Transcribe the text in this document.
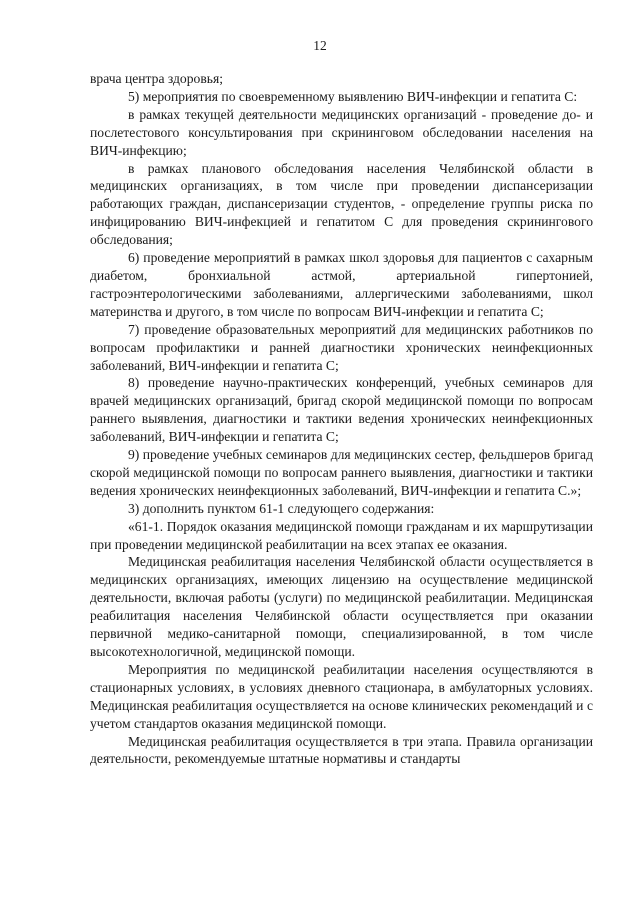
12

врача центра здоровья;

5) мероприятия по своевременному выявлению ВИЧ-инфекции и гепатита С:

в рамках текущей деятельности медицинских организаций - проведение до- и послетестового консультирования при скрининговом обследовании населения на ВИЧ-инфекцию;

в рамках планового обследования населения Челябинской области в медицинских организациях, в том числе при проведении диспансеризации работающих граждан, диспансеризации студентов, - определение группы риска по инфицированию ВИЧ-инфекцией и гепатитом С для проведения скринингового обследования;

6) проведение мероприятий в рамках школ здоровья для пациентов с сахарным диабетом, бронхиальной астмой, артериальной гипертонией, гастроэнтерологическими заболеваниями, аллергическими заболеваниями, школ материнства и другого, в том числе по вопросам ВИЧ-инфекции и гепатита С;

7) проведение образовательных мероприятий для медицинских работников по вопросам профилактики и ранней диагностики хронических неинфекционных заболеваний, ВИЧ-инфекции и гепатита С;

8) проведение научно-практических конференций, учебных семинаров для врачей медицинских организаций, бригад скорой медицинской помощи по вопросам раннего выявления, диагностики и тактики ведения хронических неинфекционных заболеваний, ВИЧ-инфекции и гепатита С;

9) проведение учебных семинаров для медицинских сестер, фельдшеров бригад скорой медицинской помощи по вопросам раннего выявления, диагностики и тактики ведения хронических неинфекционных заболеваний, ВИЧ-инфекции и гепатита С.»;

3) дополнить пунктом 61-1 следующего содержания:

«61-1. Порядок оказания медицинской помощи гражданам и их маршрутизации при проведении медицинской реабилитации на всех этапах ее оказания.

Медицинская реабилитация населения Челябинской области осуществляется в медицинских организациях, имеющих лицензию на осуществление медицинской деятельности, включая работы (услуги) по медицинской реабилитации. Медицинская реабилитация населения Челябинской области осуществляется при оказании первичной медико-санитарной помощи, специализированной, в том числе высокотехнологичной, медицинской помощи.

Мероприятия по медицинской реабилитации населения осуществляются в стационарных условиях, в условиях дневного стационара, в амбулаторных условиях. Медицинская реабилитация осуществляется на основе клинических рекомендаций и с учетом стандартов оказания медицинской помощи.

Медицинская реабилитация осуществляется в три этапа. Правила организации деятельности, рекомендуемые штатные нормативы и стандарты
